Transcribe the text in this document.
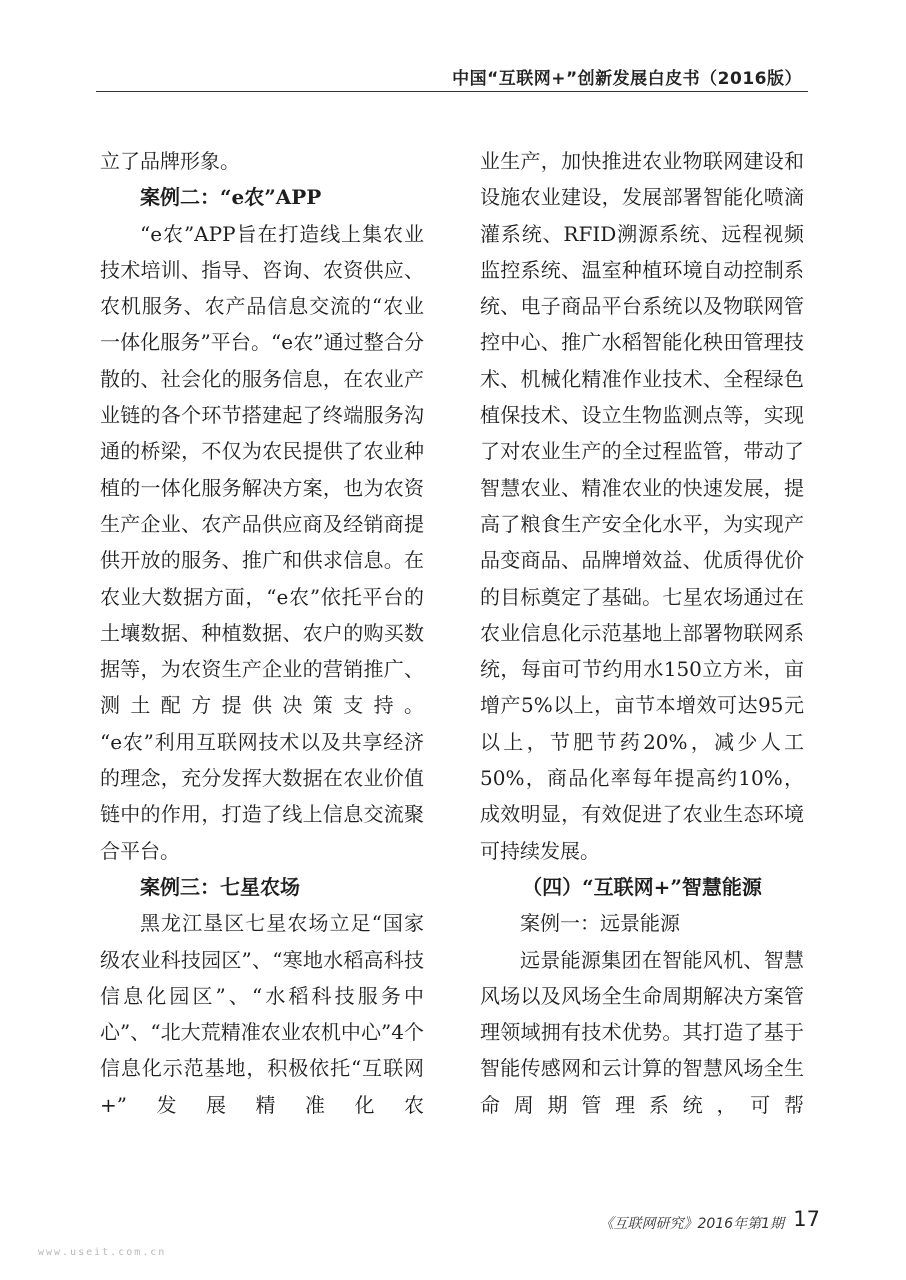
中国“互联网+”创新发展白皮书（2016版）

立了品牌形象。

案例二：“e农”APP

“e农”APP旨在打造线上集农业技术培训、指导、咨询、农资供应、农机服务、农产品信息交流的“农业一体化服务”平台。“e农”通过整合分散的、社会化的服务信息，在农业产业链的各个环节搭建起了终端服务沟通的桥梁，不仅为农民提供了农业种植的一体化服务解决方案，也为农资生产企业、农产品供应商及经销商提供开放的服务、推广和供求信息。在农业大数据方面，“e农”依托平台的土壤数据、种植数据、农户的购买数据等，为农资生产企业的营销推广、测土配方提供决策支持。

“e农”利用互联网技术以及共享经济的理念，充分发挥大数据在农业价值链中的作用，打造了线上信息交流聚合平台。

案例三：七星农场

黑龙江垦区七星农场立足“国家级农业科技园区”、“寒地水稻高科技信息化园区”、“水稻科技服务中心”、“北大荒精准农业农机中心”4个信息化示范基地，积极依托“互联网+”发展精准化农

业生产，加快推进农业物联网建设和设施农业建设，发展部署智能化喷滴灌系统、RFID溯源系统、远程视频监控系统、温室种植环境自动控制系统、电子商品平台系统以及物联网管控中心、推广水稻智能化秧田管理技术、机械化精准作业技术、全程绿色植保技术、设立生物监测点等，实现了对农业生产的全过程监管，带动了智慧农业、精准农业的快速发展，提高了粮食生产安全化水平，为实现产品变商品、品牌增效益、优质得优价的目标奠定了基础。七星农场通过在农业信息化示范基地上部署物联网系统，每亩可节约用水150立方米，亩增产5%以上，亩节本增效可达95元以上，节肥节药20%，减少人工50%，商品化率每年提高约10%，成效明显，有效促进了农业生态环境可持续发展。

（四）“互联网+”智慧能源

案例一：远景能源

远景能源集团在智能风机、智慧风场以及风场全生命周期解决方案管理领域拥有技术优势。其打造了基于智能传感网和云计算的智慧风场全生命周期管理系统，可帮

《互联网研究》2016年第1期 17
www.useit.com.cn
